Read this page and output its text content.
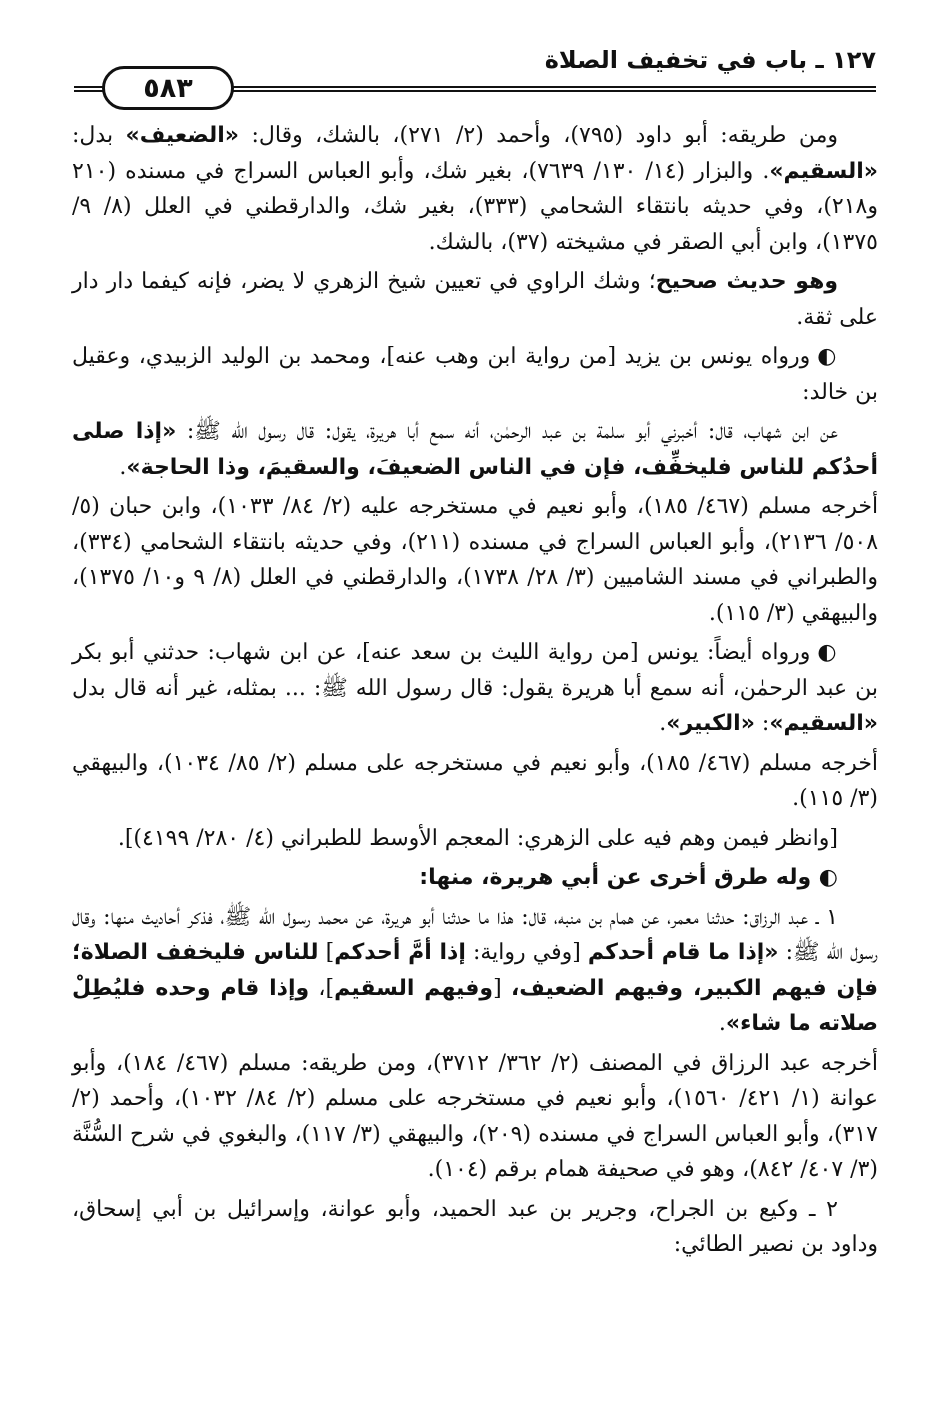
١٢٧ ـ باب في تخفيف الصلاة
٥٨٣

ومن طريقه: أبو داود (٧٩٥)، وأحمد (٢/ ٢٧١)، بالشك، وقال: «الضعيف» بدل: «السقيم». والبزار (١٤/ ١٣٠/ ٧٦٣٩)، بغير شك، وأبو العباس السراج في مسنده (٢١٠ و٢١٨)، وفي حديثه بانتقاء الشحامي (٣٣٣)، بغير شك، والدارقطني في العلل (٨/ ٩/ ١٣٧٥)، وابن أبي الصقر في مشيخته (٣٧)، بالشك.

وهو حديث صحيح؛ وشك الراوي في تعيين شيخ الزهري لا يضر، فإنه كيفما دار دار على ثقة.

◐ ورواه يونس بن يزيد [من رواية ابن وهب عنه]، ومحمد بن الوليد الزبيدي، وعقيل بن خالد:

عن ابن شهاب، قال: أخبرني أبو سلمة بن عبد الرحمٰن، أنه سمع أبا هريرة، يقول: قال رسول الله ﷺ: «إذا صلى أحدُكم للناس فليخفِّف، فإن في الناس الضعيفَ، والسقيمَ، وذا الحاجة».

أخرجه مسلم (٤٦٧/ ١٨٥)، وأبو نعيم في مستخرجه عليه (٢/ ٨٤/ ١٠٣٣)، وابن حبان (٥/ ٥٠٨/ ٢١٣٦)، وأبو العباس السراج في مسنده (٢١١)، وفي حديثه بانتقاء الشحامي (٣٣٤)، والطبراني في مسند الشاميين (٣/ ٢٨/ ١٧٣٨)، والدارقطني في العلل (٨/ ٩ و١٠/ ١٣٧٥)، والبيهقي (٣/ ١١٥).

◐ ورواه أيضاً: يونس [من رواية الليث بن سعد عنه]، عن ابن شهاب: حدثني أبو بكر بن عبد الرحمٰن، أنه سمع أبا هريرة يقول: قال رسول الله ﷺ: ... بمثله، غير أنه قال بدل «السقيم»: «الكبير».

أخرجه مسلم (٤٦٧/ ١٨٥)، وأبو نعيم في مستخرجه على مسلم (٢/ ٨٥/ ١٠٣٤)، والبيهقي (٣/ ١١٥).

[وانظر فيمن وهم فيه على الزهري: المعجم الأوسط للطبراني (٤/ ٢٨٠/ ٤١٩٩)].

◐ وله طرق أخرى عن أبي هريرة، منها:

١ ـ عبد الرزاق: حدثنا معمر، عن همام بن منبه، قال: هذا ما حدثنا أبو هريرة، عن محمد رسول الله ﷺ، فذكر أحاديث منها: وقال رسول الله ﷺ: «إذا ما قام أحدكم [وفي رواية: إذا أمَّ أحدكم] للناس فليخفف الصلاة؛ فإن فيهم الكبير، وفيهم الضعيف، [وفيهم السقيم]، وإذا قام وحده فليُطِلْ صلاته ما شاء».

أخرجه عبد الرزاق في المصنف (٢/ ٣٦٢/ ٣٧١٢)، ومن طريقه: مسلم (٤٦٧/ ١٨٤)، وأبو عوانة (١/ ٤٢١/ ١٥٦٠)، وأبو نعيم في مستخرجه على مسلم (٢/ ٨٤/ ١٠٣٢)، وأحمد (٢/ ٣١٧)، وأبو العباس السراج في مسنده (٢٠٩)، والبيهقي (٣/ ١١٧)، والبغوي في شرح السُّنَّة (٣/ ٤٠٧/ ٨٤٢)، وهو في صحيفة همام برقم (١٠٤).

٢ ـ وكيع بن الجراح، وجرير بن عبد الحميد، وأبو عوانة، وإسرائيل بن أبي إسحاق، وداود بن نصير الطائي:
